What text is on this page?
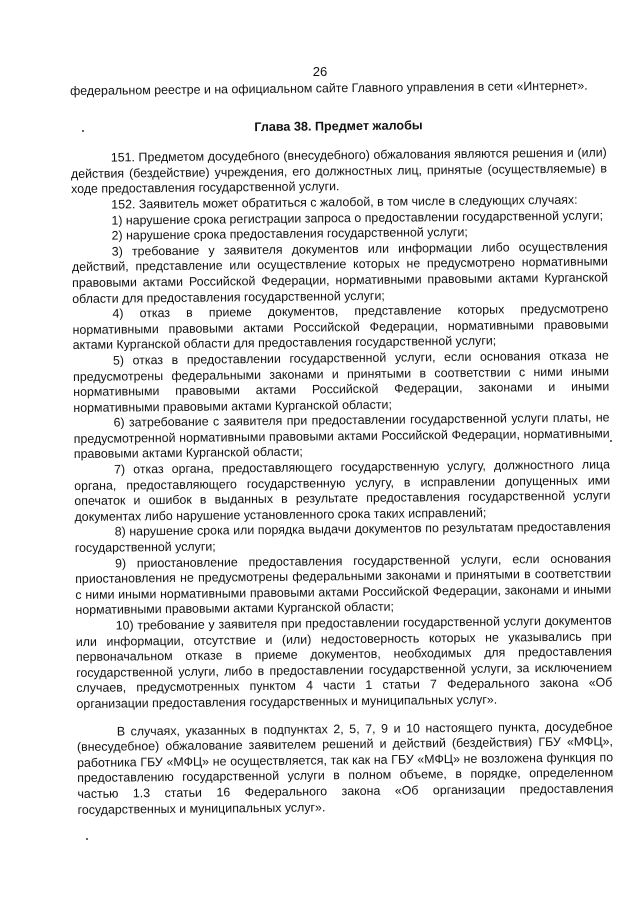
26

федеральном реестре и на официальном сайте Главного управления в сети «Интернет».

Глава 38. Предмет жалобы

151. Предметом досудебного (внесудебного) обжалования являются решения и (или) действия (бездействие) учреждения, его должностных лиц, принятые (осуществляемые) в ходе предоставления государственной услуги.

152. Заявитель может обратиться с жалобой, в том числе в следующих случаях:

1) нарушение срока регистрации запроса о предоставлении государственной услуги;

2) нарушение срока предоставления государственной услуги;

3) требование у заявителя документов или информации либо осуществления действий, представление или осуществление которых не предусмотрено нормативными правовыми актами Российской Федерации, нормативными правовыми актами Курганской области для предоставления государственной услуги;

4) отказ в приеме документов, представление которых предусмотрено нормативными правовыми актами Российской Федерации, нормативными правовыми актами Курганской области для предоставления государственной услуги;

5) отказ в предоставлении государственной услуги, если основания отказа не предусмотрены федеральными законами и принятыми в соответствии с ними иными нормативными правовыми актами Российской Федерации, законами и иными нормативными правовыми актами Курганской области;

6) затребование с заявителя при предоставлении государственной услуги платы, не предусмотренной нормативными правовыми актами Российской Федерации, нормативными правовыми актами Курганской области;

7) отказ органа, предоставляющего государственную услугу, должностного лица органа, предоставляющего государственную услугу, в исправлении допущенных ими опечаток и ошибок в выданных в результате предоставления государственной услуги документах либо нарушение установленного срока таких исправлений;

8) нарушение срока или порядка выдачи документов по результатам предоставления государственной услуги;

9) приостановление предоставления государственной услуги, если основания приостановления не предусмотрены федеральными законами и принятыми в соответствии с ними иными нормативными правовыми актами Российской Федерации, законами и иными нормативными правовыми актами Курганской области;

10) требование у заявителя при предоставлении государственной услуги документов или информации, отсутствие и (или) недостоверность которых не указывались при первоначальном отказе в приеме документов, необходимых для предоставления государственной услуги, либо в предоставлении государственной услуги, за исключением случаев, предусмотренных пунктом 4 части 1 статьи 7 Федерального закона «Об организации предоставления государственных и муниципальных услуг».

В случаях, указанных в подпунктах 2, 5, 7, 9 и 10 настоящего пункта, досудебное (внесудебное) обжалование заявителем решений и действий (бездействия) ГБУ «МФЦ», работника ГБУ «МФЦ» не осуществляется, так как на ГБУ «МФЦ» не возложена функция по предоставлению государственной услуги в полном объеме, в порядке, определенном частью 1.3 статьи 16 Федерального закона «Об организации предоставления государственных и муниципальных услуг».
